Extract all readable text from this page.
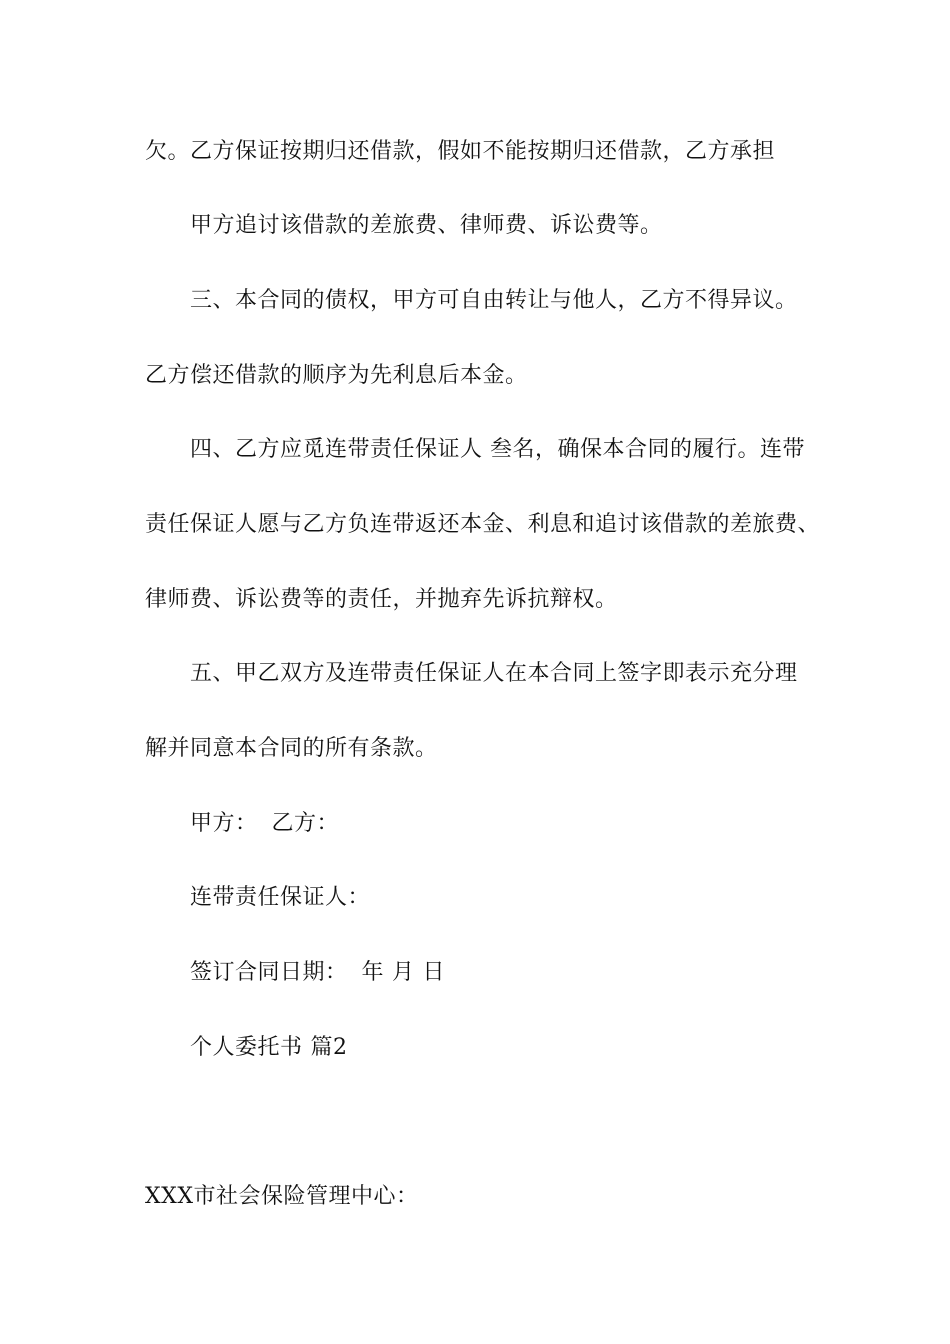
欠。乙方保证按期归还借款，假如不能按期归还借款，乙方承担
甲方追讨该借款的差旅费、律师费、诉讼费等。
三、本合同的债权，甲方可自由转让与他人，乙方不得异议。
乙方偿还借款的顺序为先利息后本金。
四、乙方应觅连带责任保证人 叁名，确保本合同的履行。连带
责任保证人愿与乙方负连带返还本金、利息和追讨该借款的差旅费、
律师费、诉讼费等的责任，并抛弃先诉抗辩权。
五、甲乙双方及连带责任保证人在本合同上签字即表示充分理
解并同意本合同的所有条款。
甲方： 乙方：
连带责任保证人：
签订合同日期： 年 月 日
个人委托书 篇2
XXX市社会保险管理中心：
